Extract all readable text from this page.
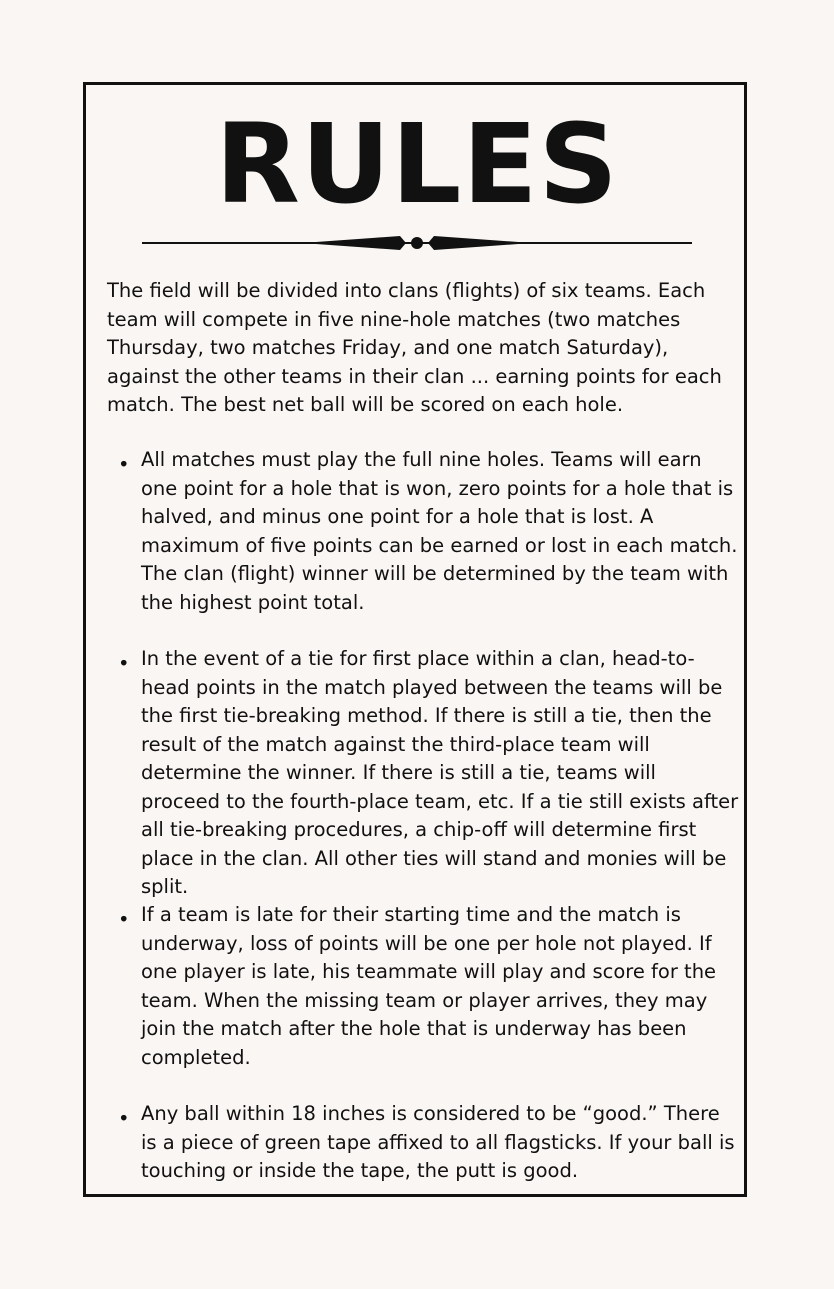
RULES

The field will be divided into clans (flights) of six teams. Each team will compete in five nine-hole matches (two matches Thursday, two matches Friday, and one match Saturday), against the other teams in their clan ... earning points for each match. The best net ball will be scored on each hole.

• All matches must play the full nine holes. Teams will earn one point for a hole that is won, zero points for a hole that is halved, and minus one point for a hole that is lost. A maximum of five points can be earned or lost in each match. The clan (flight) winner will be determined by the team with the highest point total.

• In the event of a tie for first place within a clan, head-to-head points in the match played between the teams will be the first tie-breaking method. If there is still a tie, then the result of the match against the third-place team will determine the winner. If there is still a tie, teams will proceed to the fourth-place team, etc. If a tie still exists after all tie-breaking procedures, a chip-off will determine first place in the clan. All other ties will stand and monies will be split.

• If a team is late for their starting time and the match is underway, loss of points will be one per hole not played. If one player is late, his teammate will play and score for the team. When the missing team or player arrives, they may join the match after the hole that is underway has been completed.

• Any ball within 18 inches is considered to be “good.” There is a piece of green tape affixed to all flagsticks. If your ball is touching or inside the tape, the putt is good.
